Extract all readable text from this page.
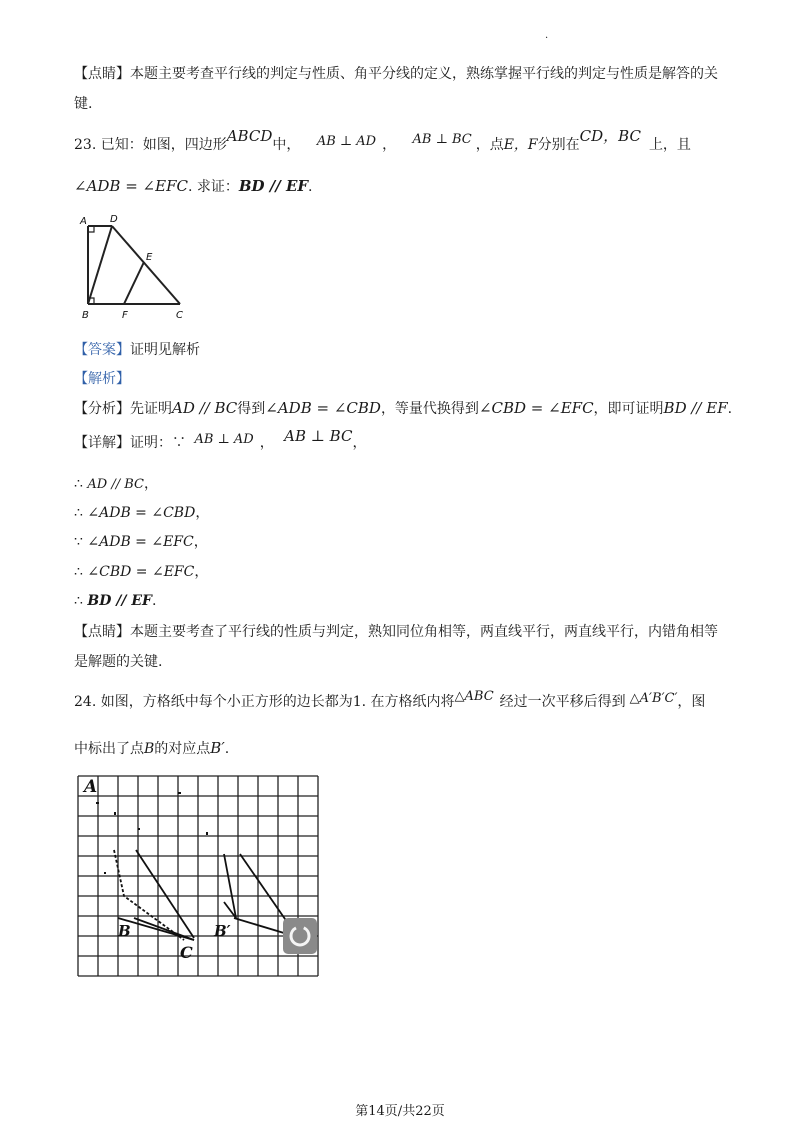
.
【点睛】本题主要考查平行线的判定与性质、角平分线的定义，熟练掌握平行线的判定与性质是解答的关
键.
23. 已知：如图，四边形ABCD中， AB ⊥ AD ， AB ⊥ BC ，点E，F分别在CD，BC 上，且
∠ADB = ∠EFC. 求证：BD // EF.
A D
E
B	F	C
【答案】证明见解析
【解析】
【分析】先证明AD // BC得到∠ADB = ∠CBD，等量代换得到∠CBD = ∠EFC，即可证明BD // EF.
【详解】证明：∵ AB ⊥ AD ， AB ⊥ BC，
∴ AD // BC，
∴ ∠ADB = ∠CBD，
∵ ∠ADB = ∠EFC，
∴ ∠CBD = ∠EFC，
∴ BD // EF.
【点睛】本题主要考查了平行线的性质与判定，熟知同位角相等，两直线平行，两直线平行，内错角相等
是解题的关键.
24. 如图，方格纸中每个小正方形的边长都为1. 在方格纸内将△ABC 经过一次平移后得到 △A′B′C′，图
中标出了点B的对应点B′.
A
B
C
B′
第14页/共22页
